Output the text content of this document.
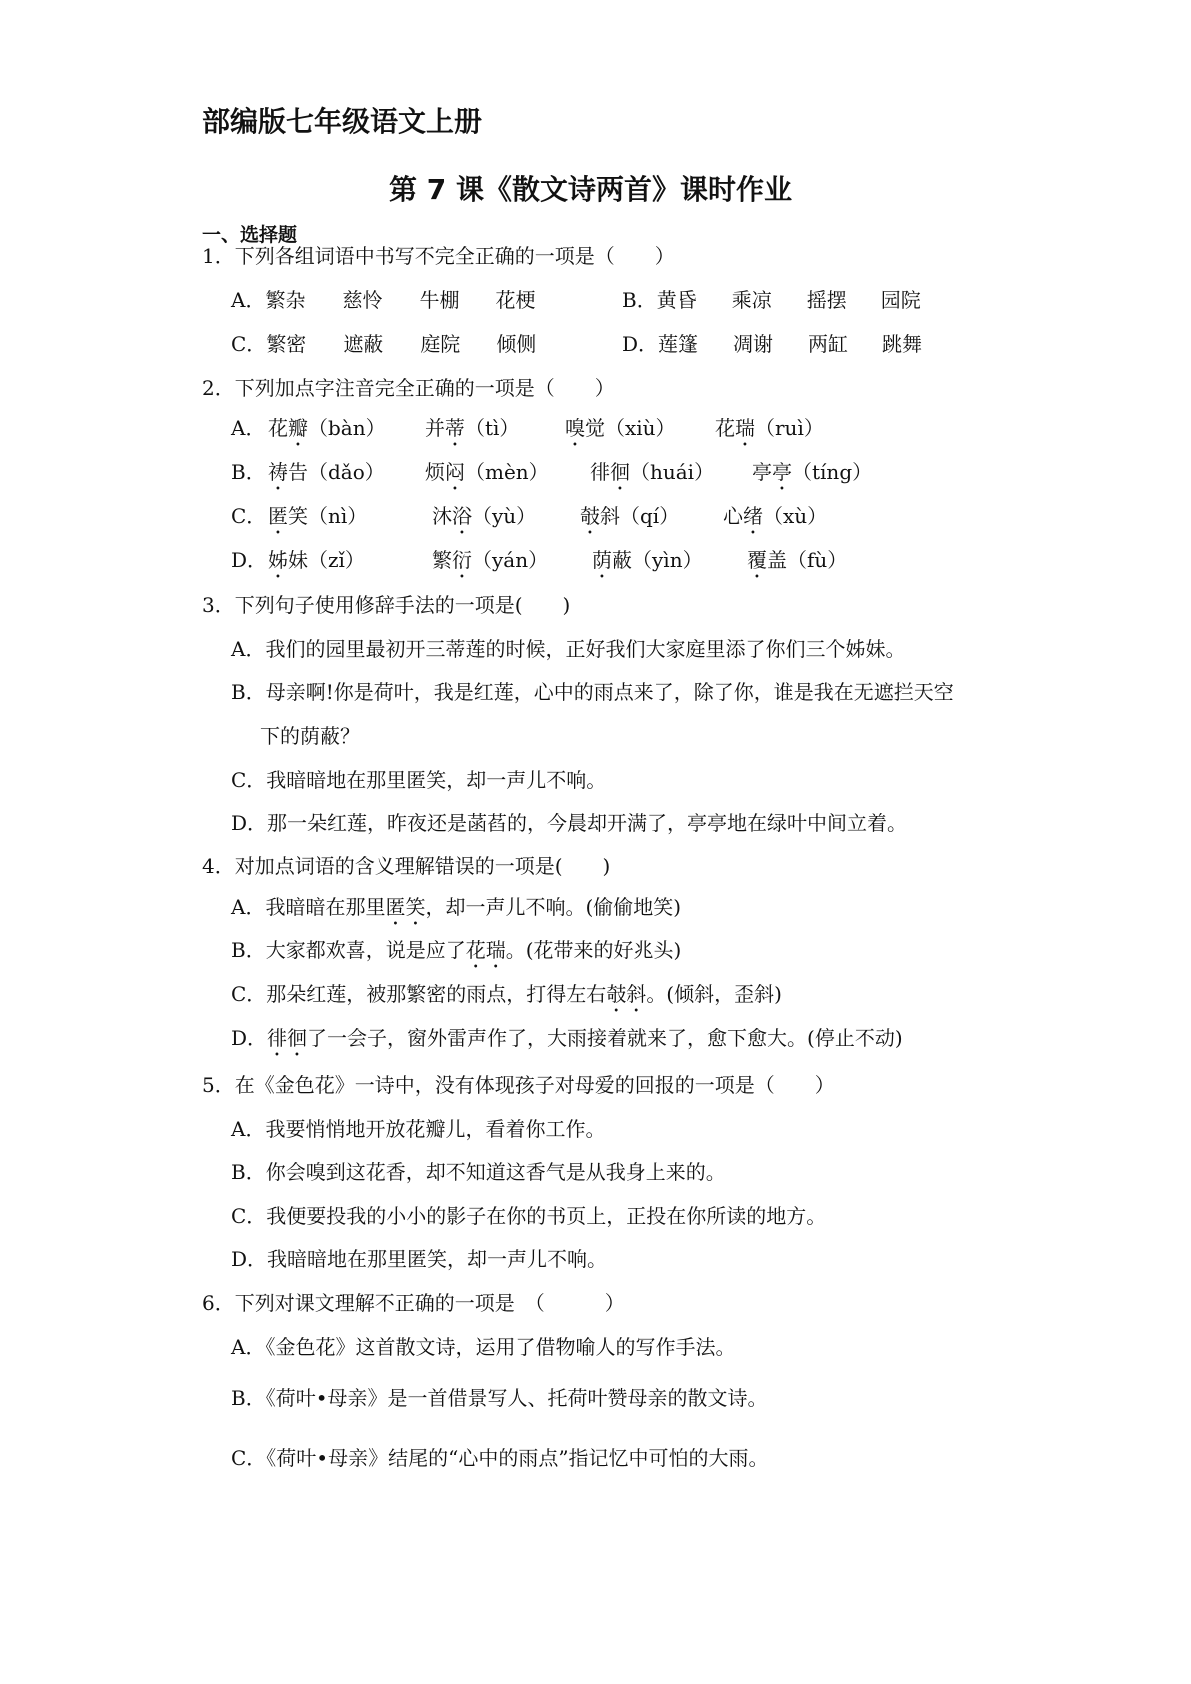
部编版七年级语文上册
第 7 课《散文诗两首》课时作业
一、选择题
1．下列各组词语中书写不完全正确的一项是（　　）
A．繁杂 慈怜 牛棚 花梗	B．黄昏 乘凉 摇摆 园院
C．繁密 遮蔽 庭院 倾侧	D．莲篷 凋谢 两缸 跳舞
2．下列加点字注音完全正确的一项是（　　）
A． 花瓣（bàn） 并蒂（tì） 嗅觉（xiù） 花瑞（ruì）
B． 祷告（dǎo） 烦闷（mèn） 徘徊（huái） 亭亭（tíng）
C．匿笑（nì）	沐浴（yù） 攲斜（qí） 心绪（xù）
D．姊妹（zǐ）	繁衍（yán） 荫蔽（yìn） 覆盖（fù）
3．下列句子使用修辞手法的一项是(　　)
A．我们的园里最初开三蒂莲的时候，正好我们大家庭里添了你们三个姊妹。
B．母亲啊!你是荷叶，我是红莲，心中的雨点来了，除了你，谁是我在无遮拦天空
下的荫蔽？
C．我暗暗地在那里匿笑，却一声儿不响。
D．那一朵红莲，昨夜还是菡萏的，今晨却开满了，亭亭地在绿叶中间立着。
4．对加点词语的含义理解错误的一项是(　　)
A．我暗暗在那里匿笑，却一声儿不响。(偷偷地笑)
B．大家都欢喜，说是应了花瑞。(花带来的好兆头)
C．那朵红莲，被那繁密的雨点，打得左右攲斜。(倾斜，歪斜)
D．徘徊了一会子，窗外雷声作了，大雨接着就来了，愈下愈大。(停止不动)
5．在《金色花》一诗中，没有体现孩子对母爱的回报的一项是（　　）
A．我要悄悄地开放花瓣儿，看着你工作。
B．你会嗅到这花香，却不知道这香气是从我身上来的。
C．我便要投我的小小的影子在你的书页上，正投在你所读的地方。
D．我暗暗地在那里匿笑，却一声儿不响。
6．下列对课文理解不正确的一项是　（　　　）
A．《金色花》这首散文诗，运用了借物喻人的写作手法。
B．《荷叶•母亲》是一首借景写人、托荷叶赞母亲的散文诗。
C．《荷叶•母亲》结尾的“心中的雨点”指记忆中可怕的大雨。
